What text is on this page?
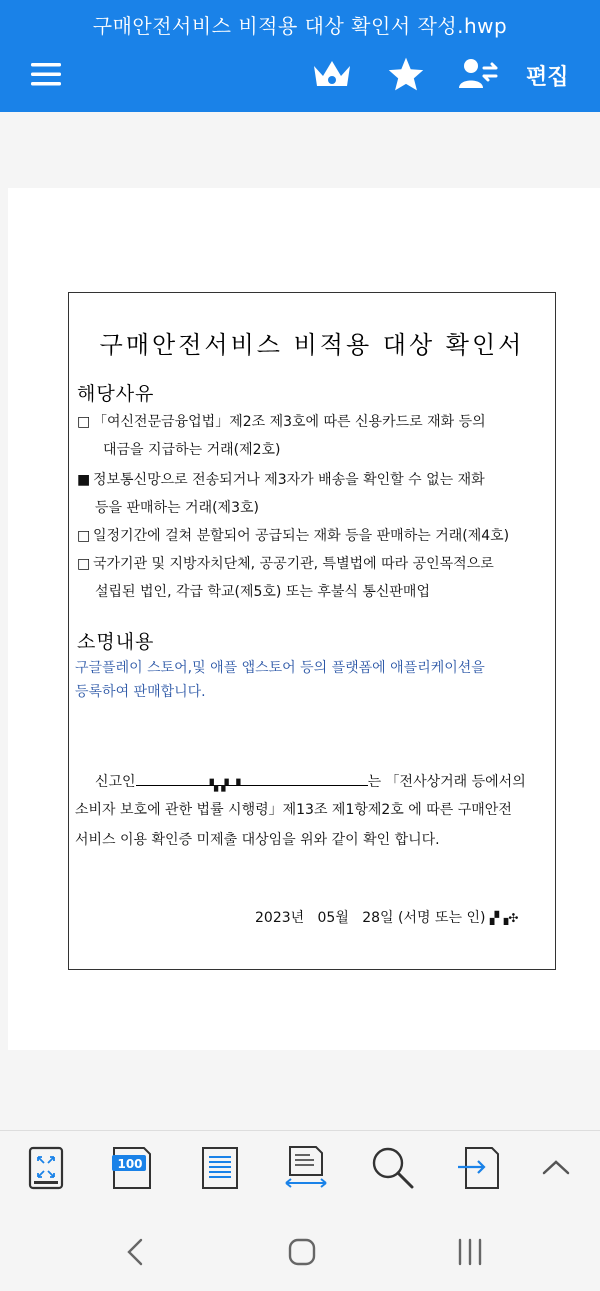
구매안전서비스 비적용 대상 확인서 작성.hwp
편집
구매안전서비스 비적용 대상 확인서
해당사유
□ 「여신전문금융업법」제2조 제3호에 따른 신용카드로 재화 등의
대금을 지급하는 거래(제2호)
■ 정보통신망으로 전송되거나 제3자가 배송을 확인할 수 없는 재화
등을 판매하는 거래(제3호)
□ 일정기간에 걸쳐 분할되어 공급되는 재화 등을 판매하는 거래(제4호)
□ 국가기관 및 지방자치단체, 공공기관, 특별법에 따라 공인목적으로
설립된 법인, 각급 학교(제5호) 또는 후불식 통신판매업
소명내용
구글플레이 스토어,및 애플 앱스토어 등의 플랫폼에 애플리케이션을
등록하여 판매합니다.
신고인	▚▗▘▝	는 「전사상거래 등에서의
소비자 보호에 관한 법률 시행령」제13조 제1항제2호 에 따른 구매안전
서비스 이용 확인증 미제출 대상임을 위와 같이 확인 합니다.
2023년 05월 28일 (서명 또는 인) ▞▗✣
100
